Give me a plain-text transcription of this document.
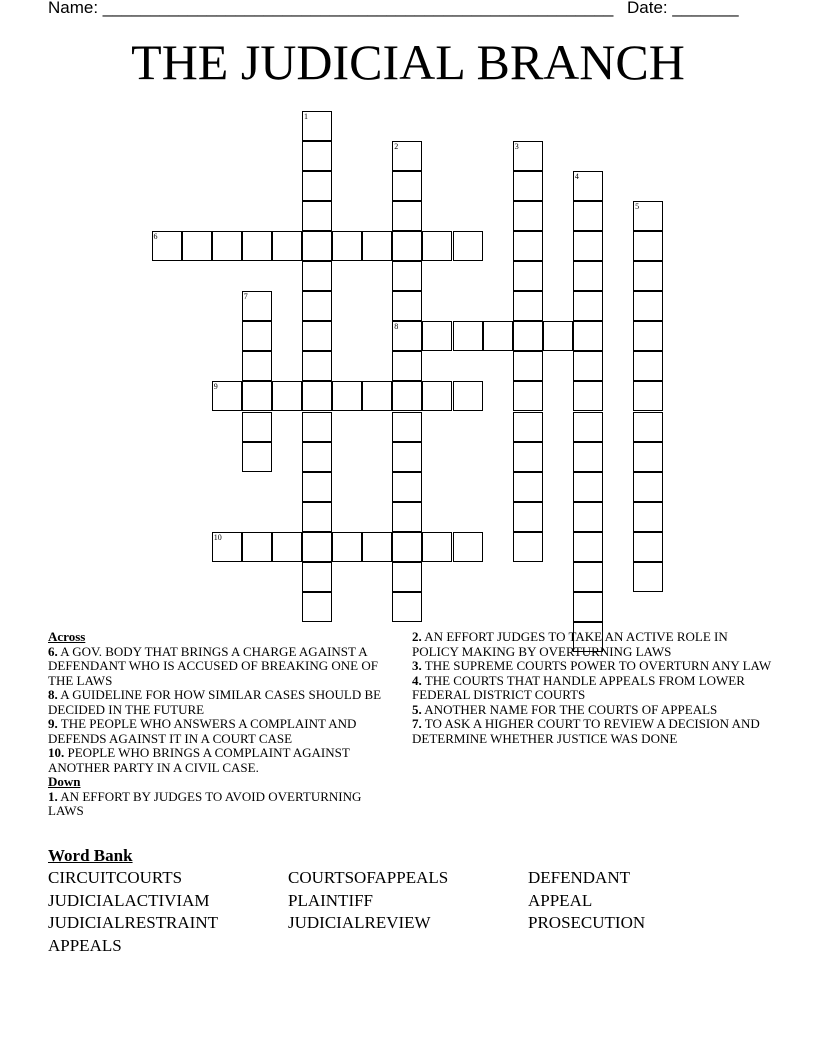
Name: ______________________________________________________ Date: _______
THE JUDICIAL BRANCH
1
2
8
3
4
5
6
7
9
10
Across
6. A GOV. BODY THAT BRINGS A CHARGE AGAINST A DEFENDANT WHO IS ACCUSED OF BREAKING ONE OF THE LAWS
8. A GUIDELINE FOR HOW SIMILAR CASES SHOULD BE DECIDED IN THE FUTURE
9. THE PEOPLE WHO ANSWERS A COMPLAINT AND DEFENDS AGAINST IT IN A COURT CASE
10. PEOPLE WHO BRINGS A COMPLAINT AGAINST ANOTHER PARTY IN A CIVIL CASE.
Down
1. AN EFFORT BY JUDGES TO AVOID OVERTURNING LAWS
2. AN EFFORT JUDGES TO TAKE AN ACTIVE ROLE IN POLICY MAKING BY OVERTURNING LAWS
3. THE SUPREME COURTS POWER TO OVERTURN ANY LAW
4. THE COURTS THAT HANDLE APPEALS FROM LOWER FEDERAL DISTRICT COURTS
5. ANOTHER NAME FOR THE COURTS OF APPEALS
7. TO ASK A HIGHER COURT TO REVIEW A DECISION AND DETERMINE WHETHER JUSTICE WAS DONE
Word Bank
CIRCUITCOURTS	COURTSOFAPPEALS	DEFENDANT
JUDICIALACTIVIAM	PLAINTIFF	APPEAL
JUDICIALRESTRAINT	JUDICIALREVIEW	PROSECUTION
APPEALS
